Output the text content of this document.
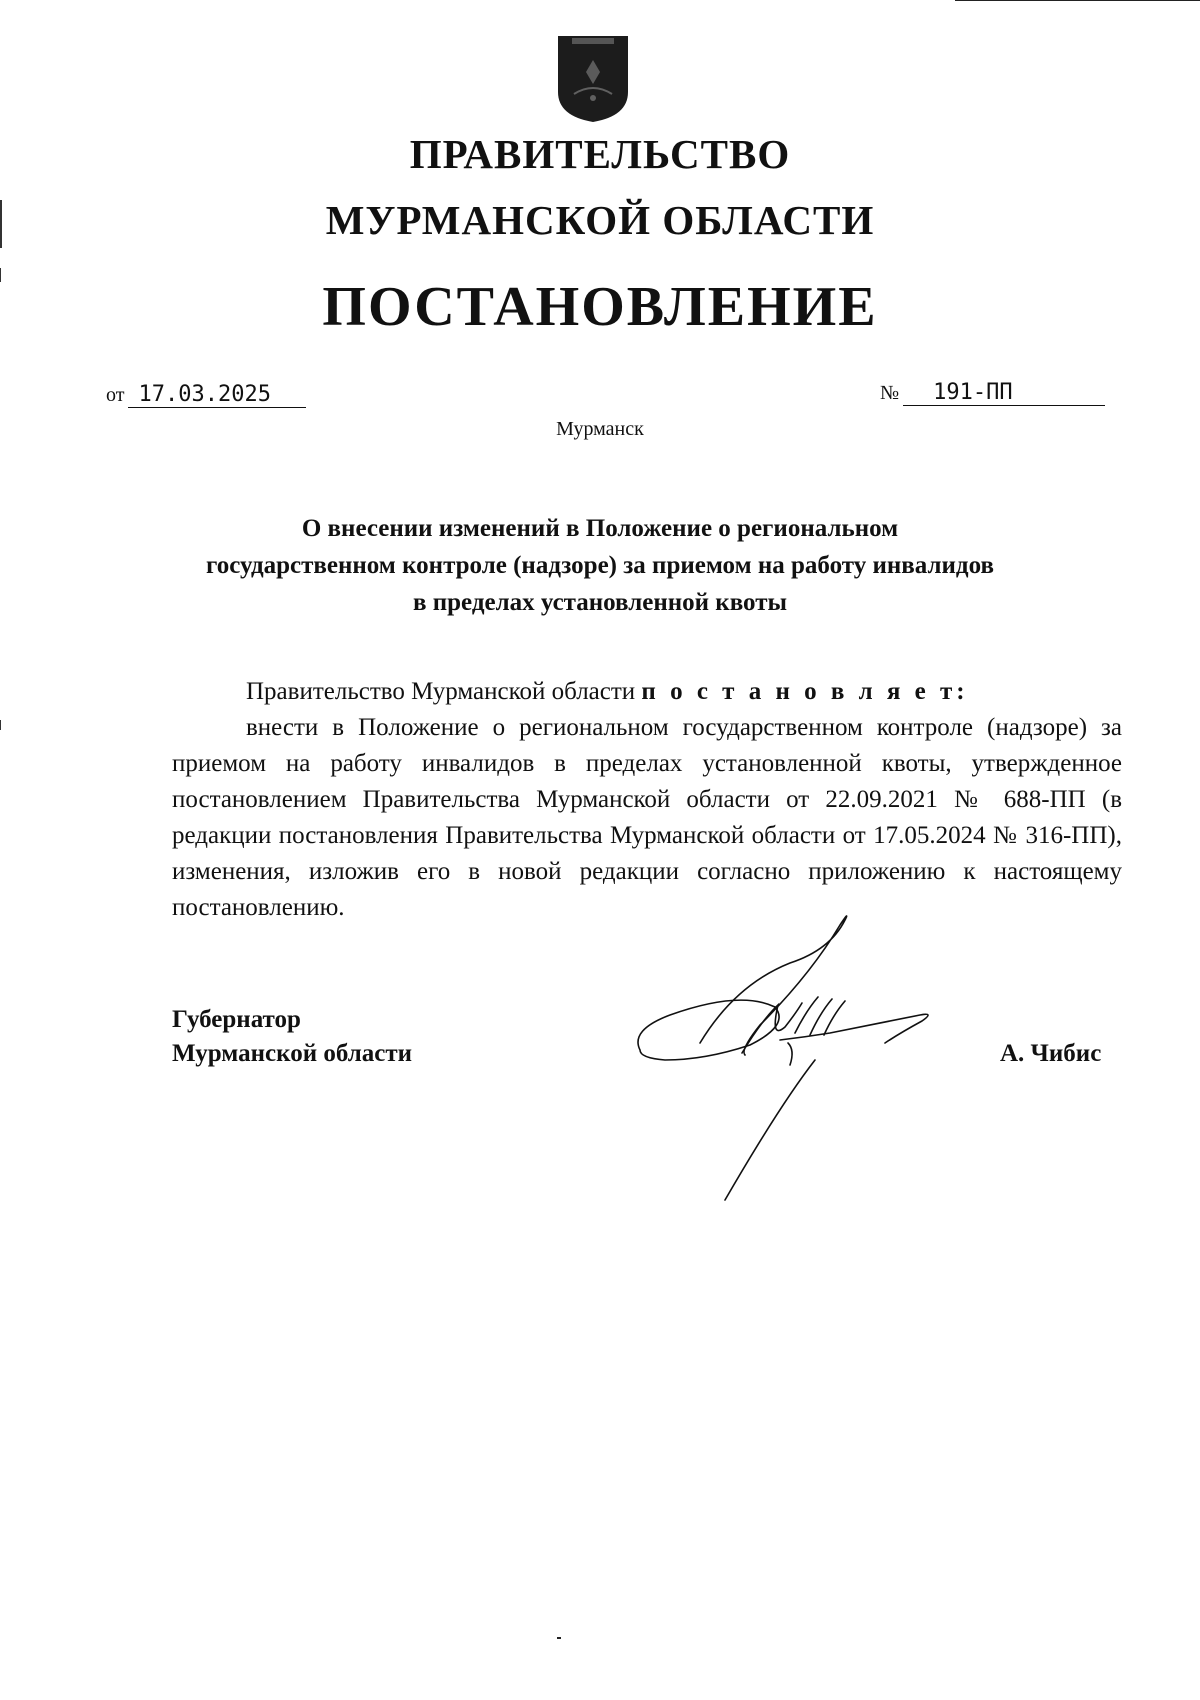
ПРАВИТЕЛЬСТВО
МУРМАНСКОЙ ОБЛАСТИ
ПОСТАНОВЛЕНИЕ
от 17.03.2025	№ 191-ПП
Мурманск
О внесении изменений в Положение о региональном
государственном контроле (надзоре) за приемом на работу инвалидов
в пределах установленной квоты
Правительство Мурманской области п о с т а н о в л я е т:
внести в Положение о региональном государственном контроле (надзоре) за приемом на работу инвалидов в пределах установленной квоты, утвержденное постановлением Правительства Мурманской области от 22.09.2021 № 688-ПП (в редакции постановления Правительства Мурманской области от 17.05.2024 № 316-ПП), изменения, изложив его в новой редакции согласно приложению к настоящему постановлению.
Губернатор
Мурманской области	А. Чибис
